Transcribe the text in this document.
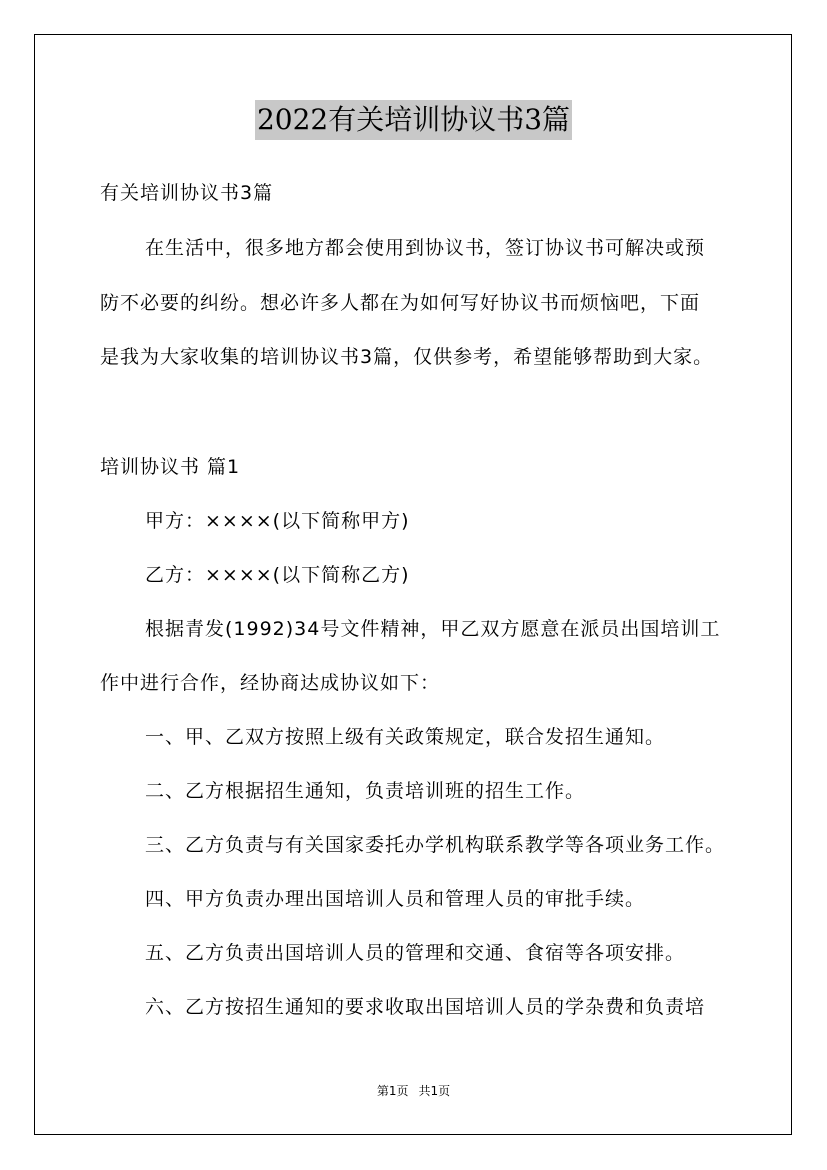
2022有关培训协议书3篇
有关培训协议书3篇
在生活中，很多地方都会使用到协议书，签订协议书可解决或预
防不必要的纠纷。想必许多人都在为如何写好协议书而烦恼吧，下面
是我为大家收集的培训协议书3篇，仅供参考，希望能够帮助到大家。
培训协议书 篇1
甲方：××××(以下简称甲方)
乙方：××××(以下简称乙方)
根据青发(1992)34号文件精神，甲乙双方愿意在派员出国培训工
作中进行合作，经协商达成协议如下：
一、甲、乙双方按照上级有关政策规定，联合发招生通知。
二、乙方根据招生通知，负责培训班的招生工作。
三、乙方负责与有关国家委托办学机构联系教学等各项业务工作。
四、甲方负责办理出国培训人员和管理人员的审批手续。
五、乙方负责出国培训人员的管理和交通、食宿等各项安排。
六、乙方按招生通知的要求收取出国培训人员的学杂费和负责培
第1页 共1页
